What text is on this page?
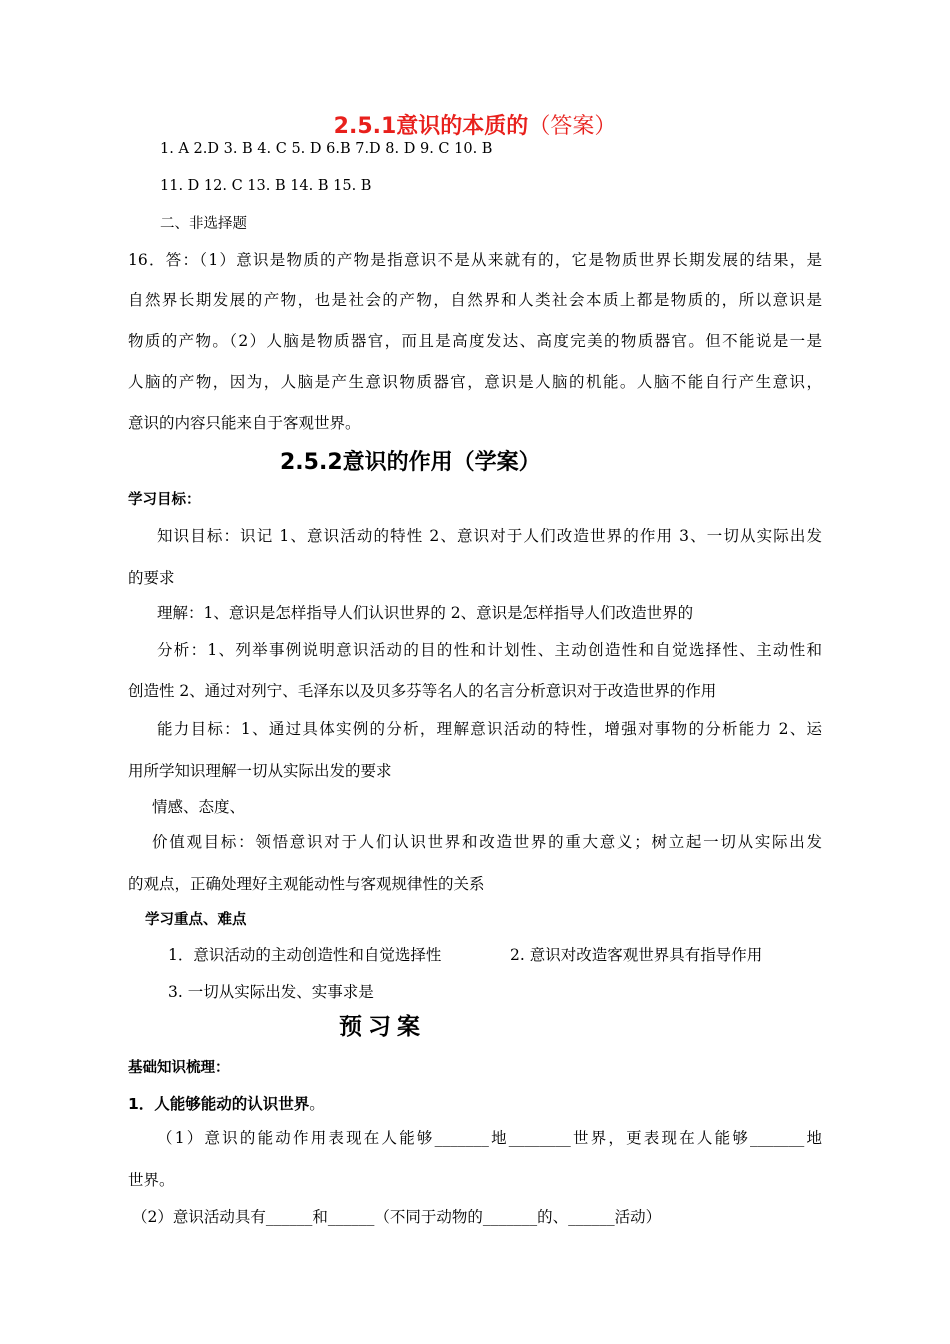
2.5.1意识的本质的（答案）
1. A 2.D 3. B 4. C 5. D 6.B 7.D 8. D 9. C 10. B
11. D 12. C 13. B 14. B 15. B
二、非选择题
16．答：（1）意识是物质的产物是指意识不是从来就有的，它是物质世界长期发展的结果，是
自然界长期发展的产物，也是社会的产物，自然界和人类社会本质上都是物质的，所以意识是
物质的产物。（2）人脑是物质器官，而且是高度发达、高度完美的物质器官。但不能说是一是
人脑的产物，因为，人脑是产生意识物质器官，意识是人脑的机能。人脑不能自行产生意识，
意识的内容只能来自于客观世界。
2.5.2意识的作用（学案）
学习目标：
知识目标：识记 1、意识活动的特性 2、意识对于人们改造世界的作用 3、一切从实际出发
的要求
理解：1、意识是怎样指导人们认识世界的 2、意识是怎样指导人们改造世界的
分析：1、列举事例说明意识活动的目的性和计划性、主动创造性和自觉选择性、主动性和
创造性 2、通过对列宁、毛泽东以及贝多芬等名人的名言分析意识对于改造世界的作用
能力目标：1、通过具体实例的分析，理解意识活动的特性，增强对事物的分析能力 2、运
用所学知识理解一切从实际出发的要求
情感、态度、
价值观目标：领悟意识对于人们认识世界和改造世界的重大意义；树立起一切从实际出发
的观点，正确处理好主观能动性与客观规律性的关系
学习重点、难点
1．意识活动的主动创造性和自觉选择性	2. 意识对改造客观世界具有指导作用
3. 一切从实际出发、实事求是
预习案
基础知识梳理：
1．人能够能动的认识世界。
（1）意识的能动作用表现在人能够_______地________世界，更表现在人能够_______地
世界。
（2）意识活动具有______和______（不同于动物的_______的、______活动）
